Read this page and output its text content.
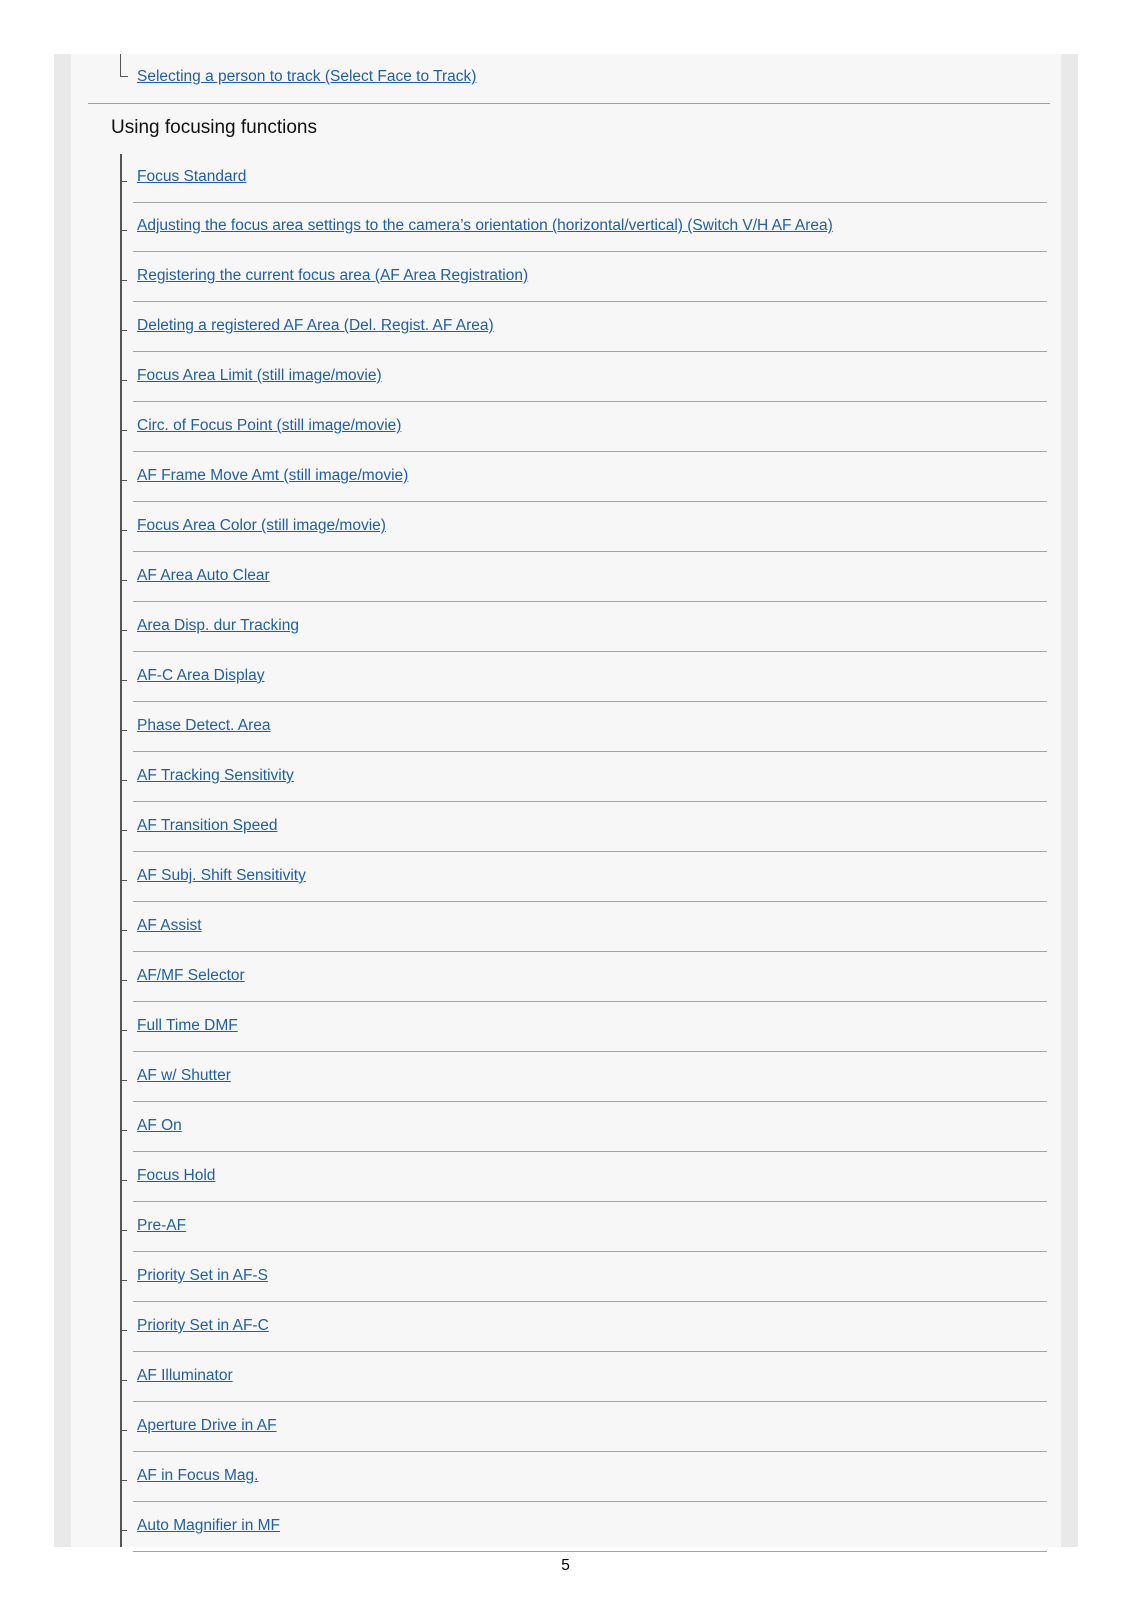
Selecting a person to track (Select Face to Track)
Using focusing functions
Focus Standard
Adjusting the focus area settings to the camera’s orientation (horizontal/vertical) (Switch V/H AF Area)
Registering the current focus area (AF Area Registration)
Deleting a registered AF Area (Del. Regist. AF Area)
Focus Area Limit (still image/movie)
Circ. of Focus Point (still image/movie)
AF Frame Move Amt (still image/movie)
Focus Area Color (still image/movie)
AF Area Auto Clear
Area Disp. dur Tracking
AF-C Area Display
Phase Detect. Area
AF Tracking Sensitivity
AF Transition Speed
AF Subj. Shift Sensitivity
AF Assist
AF/MF Selector
Full Time DMF
AF w/ Shutter
AF On
Focus Hold
Pre-AF
Priority Set in AF-S
Priority Set in AF-C
AF Illuminator
Aperture Drive in AF
AF in Focus Mag.
Auto Magnifier in MF
5
